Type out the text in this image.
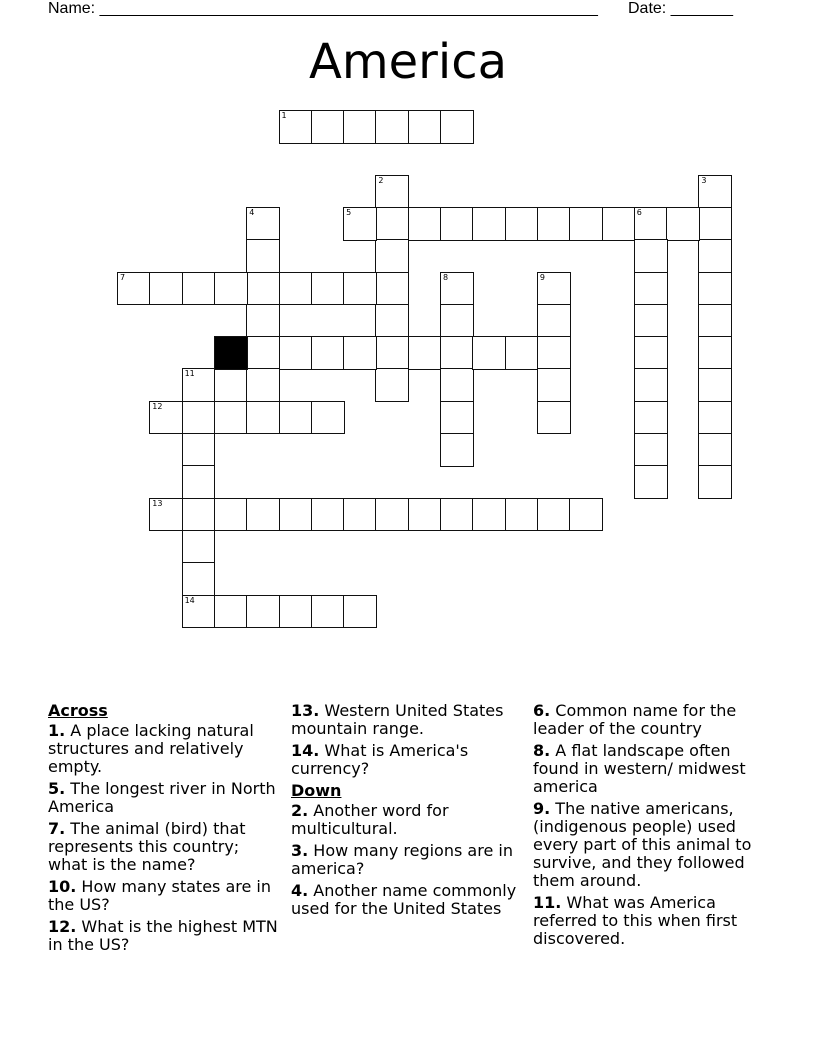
Name: ________________________________________________________ Date: _______
America
1
2	3
4	5	6
7	8	9
10
11
14
12
13
Across
1. A place lacking natural structures and relatively empty.
5. The longest river in North America
7. The animal (bird) that represents this country; what is the name?
10. How many states are in the US?
12. What is the highest MTN in the US?
13. Western United States mountain range.
14. What is America's currency?
Down
2. Another word for multicultural.
3. How many regions are in america?
4. Another name commonly used for the United States
6. Common name for the leader of the country
8. A flat landscape often found in western/ midwest america
9. The native americans, (indigenous people) used every part of this animal to survive, and they followed them around.
11. What was America referred to this when first discovered.
